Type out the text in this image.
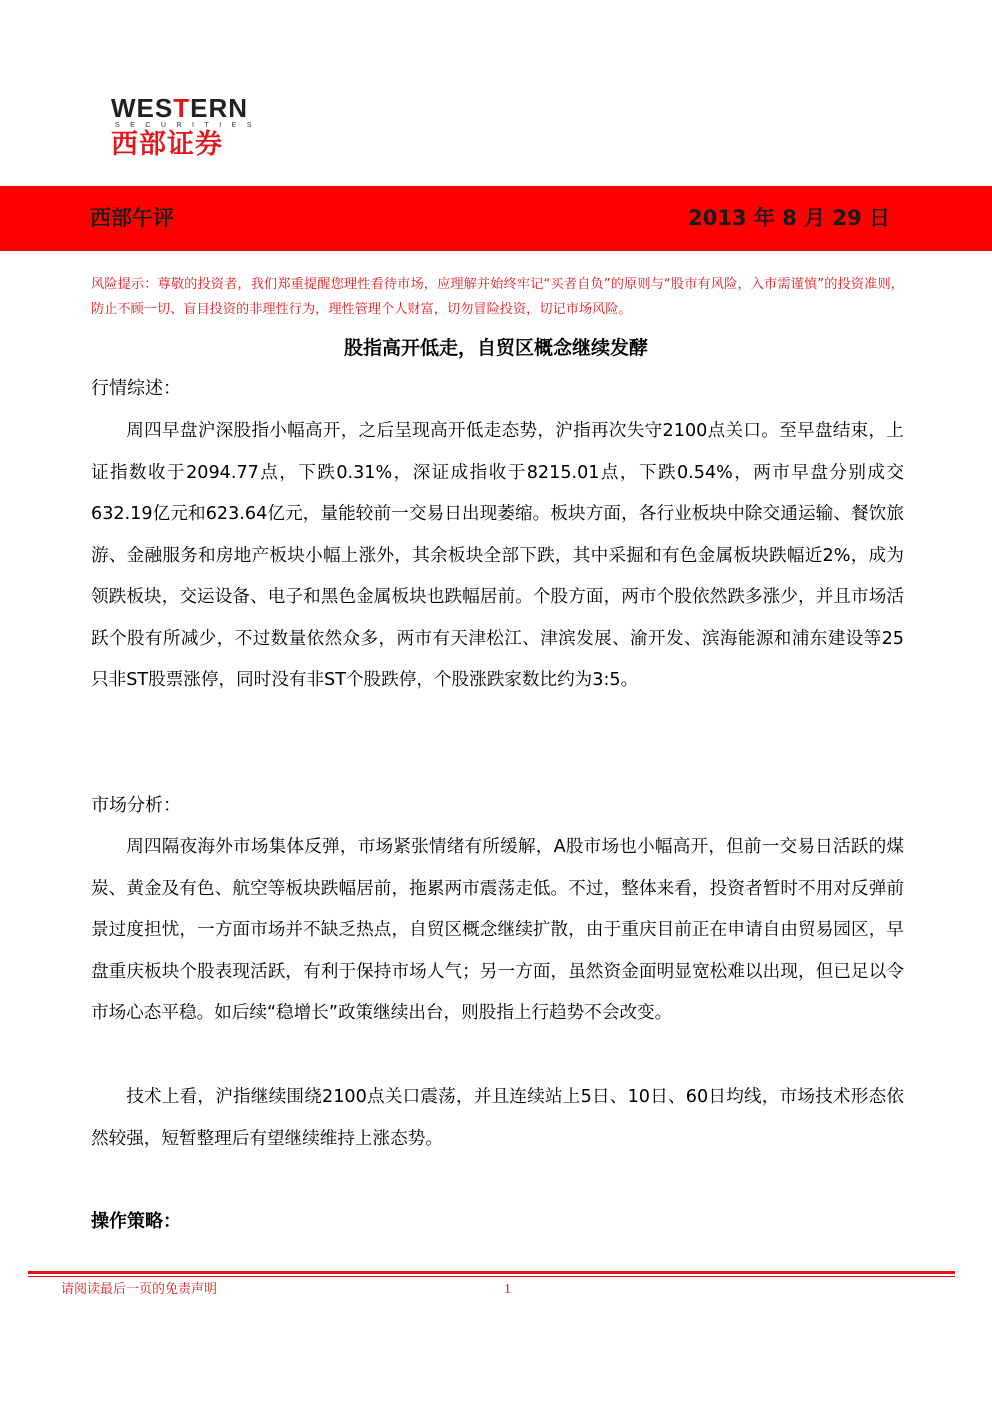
WESTERN
SECURITIES
西部证券
西部午评	2013 年 8 月 29 日
风险提示：尊敬的投资者，我们郑重提醒您理性看待市场，应理解并始终牢记“买者自负”的原则与“股市有风险，入市需谨慎”的投资准则，防止不顾一切、盲目投资的非理性行为，理性管理个人财富，切勿冒险投资，切记市场风险。
股指高开低走，自贸区概念继续发酵
行情综述：

周四早盘沪深股指小幅高开，之后呈现高开低走态势，沪指再次失守2100点关口。至早盘结束，上证指数收于2094.77点，下跌0.31%，深证成指收于8215.01点，下跌0.54%，两市早盘分别成交632.19亿元和623.64亿元，量能较前一交易日出现萎缩。板块方面，各行业板块中除交通运输、餐饮旅游、金融服务和房地产板块小幅上涨外，其余板块全部下跌，其中采掘和有色金属板块跌幅近2%，成为领跌板块，交运设备、电子和黑色金属板块也跌幅居前。个股方面，两市个股依然跌多涨少，并且市场活跃个股有所减少，不过数量依然众多，两市有天津松江、津滨发展、渝开发、滨海能源和浦东建设等25只非ST股票涨停，同时没有非ST个股跌停，个股涨跌家数比约为3:5。

市场分析：

周四隔夜海外市场集体反弹，市场紧张情绪有所缓解，A股市场也小幅高开，但前一交易日活跃的煤炭、黄金及有色、航空等板块跌幅居前，拖累两市震荡走低。不过，整体来看，投资者暂时不用对反弹前景过度担忧，一方面市场并不缺乏热点，自贸区概念继续扩散，由于重庆目前正在申请自由贸易园区，早盘重庆板块个股表现活跃，有利于保持市场人气；另一方面，虽然资金面明显宽松难以出现，但已足以令市场心态平稳。如后续“稳增长”政策继续出台，则股指上行趋势不会改变。

技术上看，沪指继续围绕2100点关口震荡，并且连续站上5日、10日、60日均线，市场技术形态依然较强，短暂整理后有望继续维持上涨态势。

操作策略：
请阅读最后一页的免责声明	1
